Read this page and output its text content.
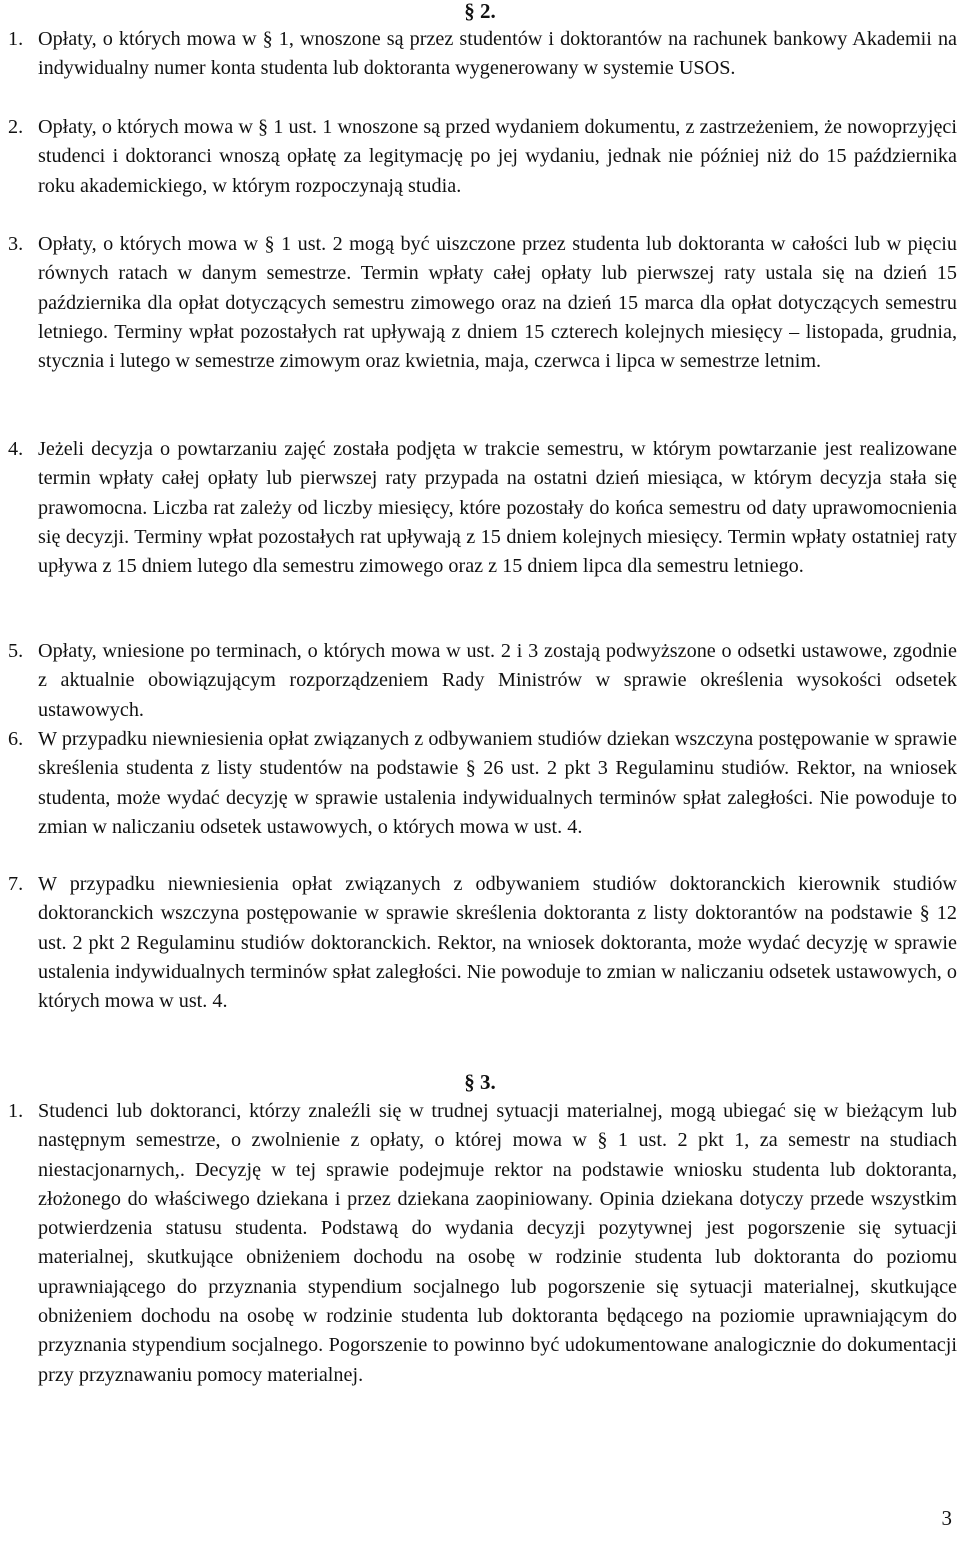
§ 2.
1. Opłaty, o których mowa w § 1, wnoszone są przez studentów i doktorantów na rachunek bankowy Akademii na indywidualny numer konta studenta lub doktoranta wygenerowany w systemie USOS.
2. Opłaty, o których mowa w § 1 ust. 1 wnoszone są przed wydaniem dokumentu, z zastrzeżeniem, że nowoprzyjęci studenci i doktoranci wnoszą opłatę za legitymację po jej wydaniu, jednak nie później niż do 15 października roku akademickiego, w którym rozpoczynają studia.
3. Opłaty, o których mowa w § 1 ust. 2 mogą być uiszczone przez studenta lub doktoranta w całości lub w pięciu równych ratach w danym semestrze. Termin wpłaty całej opłaty lub pierwszej raty ustala się na dzień 15 października dla opłat dotyczących semestru zimowego oraz na dzień 15 marca dla opłat dotyczących semestru letniego. Terminy wpłat pozostałych rat upływają z dniem 15 czterech kolejnych miesięcy – listopada, grudnia, stycznia i lutego w semestrze zimowym oraz kwietnia, maja, czerwca i lipca w semestrze letnim.
4. Jeżeli decyzja o powtarzaniu zajęć została podjęta w trakcie semestru, w którym powtarzanie jest realizowane termin wpłaty całej opłaty lub pierwszej raty przypada na ostatni dzień miesiąca, w którym decyzja stała się prawomocna. Liczba rat zależy od liczby miesięcy, które pozostały do końca semestru od daty uprawomocnienia się decyzji. Terminy wpłat pozostałych rat upływają z 15 dniem kolejnych miesięcy. Termin wpłaty ostatniej raty upływa z 15 dniem lutego dla semestru zimowego oraz z 15 dniem lipca dla semestru letniego.
5. Opłaty, wniesione po terminach, o których mowa w ust. 2 i 3 zostają podwyższone o odsetki ustawowe, zgodnie z aktualnie obowiązującym rozporządzeniem Rady Ministrów w sprawie określenia wysokości odsetek ustawowych.
6. W przypadku niewniesienia opłat związanych z odbywaniem studiów dziekan wszczyna postępowanie w sprawie skreślenia studenta z listy studentów na podstawie § 26 ust. 2 pkt 3 Regulaminu studiów. Rektor, na wniosek studenta, może wydać decyzję w sprawie ustalenia indywidualnych terminów spłat zaległości. Nie powoduje to zmian w naliczaniu odsetek ustawowych, o których mowa w ust. 4.
7. W przypadku niewniesienia opłat związanych z odbywaniem studiów doktoranckich kierownik studiów doktoranckich wszczyna postępowanie w sprawie skreślenia doktoranta z listy doktorantów na podstawie § 12 ust. 2 pkt 2 Regulaminu studiów doktoranckich. Rektor, na wniosek doktoranta, może wydać decyzję w sprawie ustalenia indywidualnych terminów spłat zaległości. Nie powoduje to zmian w naliczaniu odsetek ustawowych, o których mowa w ust. 4.
§ 3.
1. Studenci lub doktoranci, którzy znaleźli się w trudnej sytuacji materialnej, mogą ubiegać się w bieżącym lub następnym semestrze, o zwolnienie z opłaty, o której mowa w § 1 ust. 2 pkt 1, za semestr na studiach niestacjonarnych,. Decyzję w tej sprawie podejmuje rektor na podstawie wniosku studenta lub doktoranta, złożonego do właściwego dziekana i przez dziekana zaopiniowany. Opinia dziekana dotyczy przede wszystkim potwierdzenia statusu studenta. Podstawą do wydania decyzji pozytywnej jest pogorszenie się sytuacji materialnej, skutkujące obniżeniem dochodu na osobę w rodzinie studenta lub doktoranta do poziomu uprawniającego do przyznania stypendium socjalnego lub pogorszenie się sytuacji materialnej, skutkujące obniżeniem dochodu na osobę w rodzinie studenta lub doktoranta będącego na poziomie uprawniającym do przyznania stypendium socjalnego. Pogorszenie to powinno być udokumentowane analogicznie do dokumentacji przy przyznawaniu pomocy materialnej.
3
